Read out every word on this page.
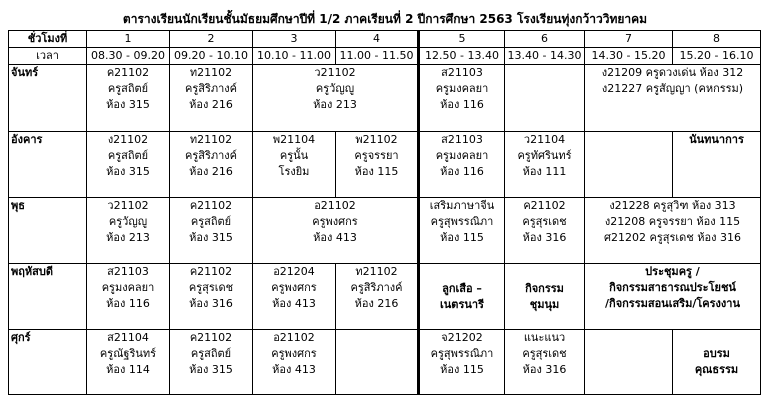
ตารางเรียนนักเรียนชั้นมัธยมศึกษาปีที่ 1/2 ภาคเรียนที่ 2 ปีการศึกษา 2563 โรงเรียนทุ่งกว้าววิทยาคม
ชั่วโมงที่	1	2	3	4	5	6	7	8
เวลา	08.30 - 09.20	09.20 - 10.10	10.10 - 11.00	11.00 - 11.50	12.50 - 13.40	13.40 - 14.30	14.30 - 15.20	15.20 - 16.10
จันทร์	ค21102
ครูสถิตย์
ห้อง 315	ท21102
ครูสิริภางค์
ห้อง 216	ว21102
ครูวัญญู
ห้อง 213		ส21103
ครูมงคลยา
ห้อง 116		ง21209 ครูดวงเด่น ห้อง 312
ง21227 ครูสัญญา (คหกรรม)	

อังคาร	ง21102
ครูสถิตย์
ห้อง 315	ท21102
ครูสิริภางค์
ห้อง 216	พ21104
ครูนั้น
โรงยิม	พ21102
ครูจรรยา
ห้อง 115	ส21103
ครูมงคลยา
ห้อง 116	ว21104
ครูทัศรินทร์
ห้อง 111		นันทนาการ

พุธ	ว21102
ครูวัญญู
ห้อง 213	ค21102
ครูสถิตย์
ห้อง 315	อ21102
ครูพงศกร
ห้อง 413		เสริมภาษาจีน
ครูสุพรรณิภา
ห้อง 115	ค21102
ครูสุรเดช
ห้อง 316	ง21228 ครูสุวิฑ ห้อง 313
ง21208 ครูจรรยา ห้อง 115
ศ21202 ครูสุรเดช ห้อง 316	

พฤหัสบดี	ส21103
ครูมงคลยา
ห้อง 116	ค21102
ครูสุรเดช
ห้อง 316	อ21204
ครูพงศกร
ห้อง 413	ท21102
ครูสิริภางค์
ห้อง 216	ลูกเสือ –
เนตรนารี	กิจกรรม
ชุมนุม	ประชุมครู /
กิจกรรมสาธารณประโยชน์
/กิจกรรมสอนเสริม/โครงงาน	

ศุกร์	ส21104
ครูณัฐรินทร์
ห้อง 114	ค21102
ครูสถิตย์
ห้อง 315	อ21102
ครูพงศกร
ห้อง 413		จ21202
ครูสุพรรณิภา
ห้อง 115	แนะแนว
ครูสุรเดช
ห้อง 316		อบรม
คุณธรรม
